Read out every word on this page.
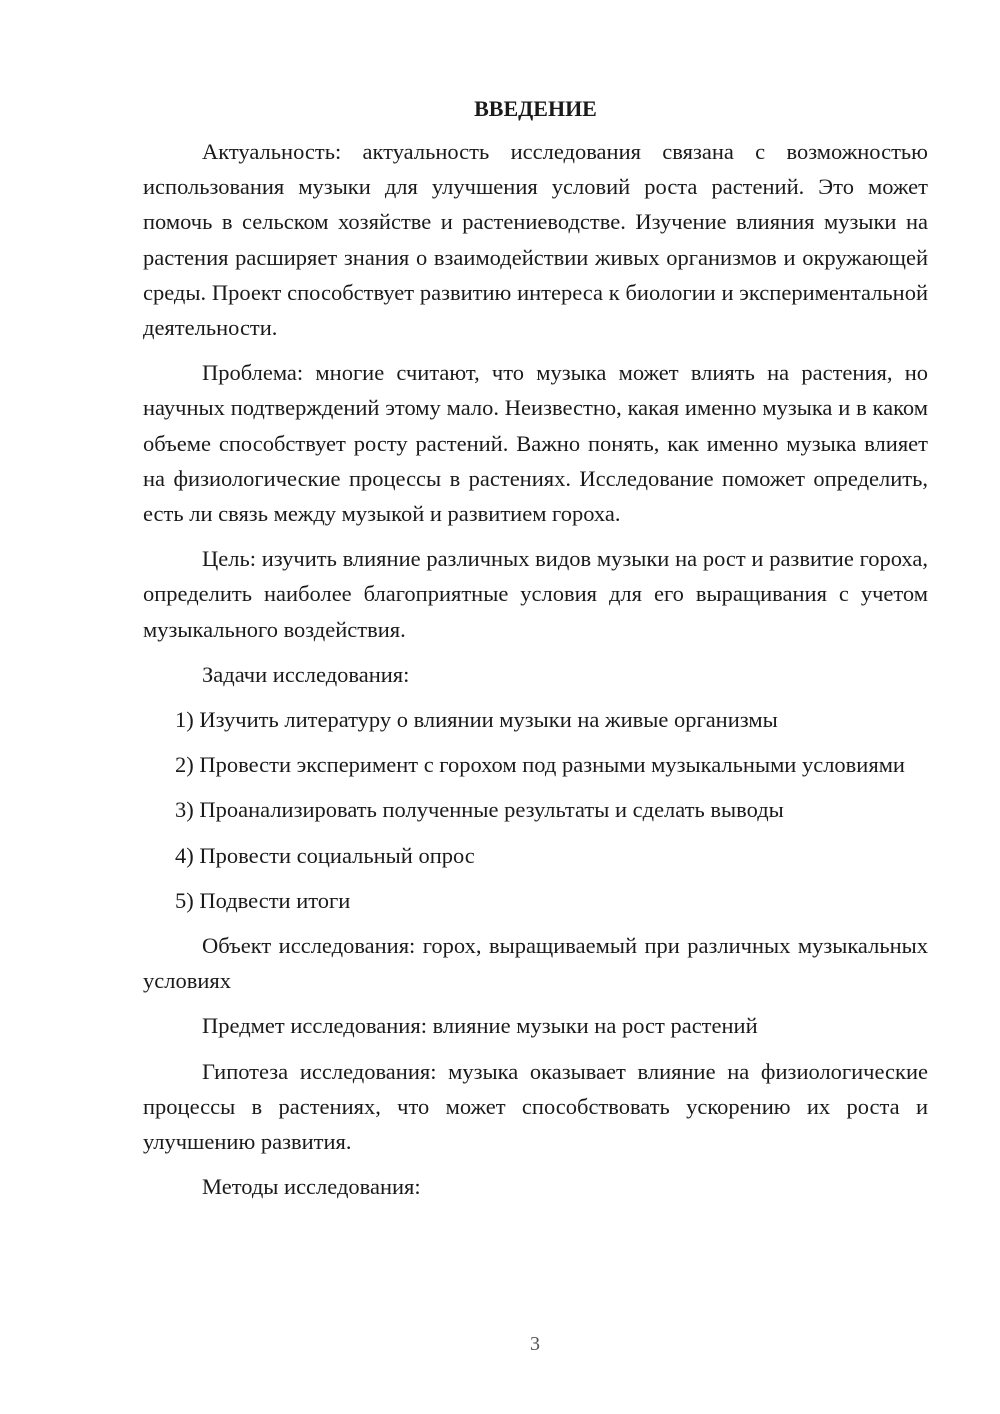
ВВЕДЕНИЕ

Актуальность: актуальность исследования связана с возможностью использования музыки для улучшения условий роста растений. Это может помочь в сельском хозяйстве и растениеводстве. Изучение влияния музыки на растения расширяет знания о взаимодействии живых организмов и окружающей среды. Проект способствует развитию интереса к биологии и экспериментальной деятельности.

Проблема: многие считают, что музыка может влиять на растения, но научных подтверждений этому мало. Неизвестно, какая именно музыка и в каком объеме способствует росту растений. Важно понять, как именно музыка влияет на физиологические процессы в растениях. Исследование поможет определить, есть ли связь между музыкой и развитием гороха.

Цель: изучить влияние различных видов музыки на рост и развитие гороха, определить наиболее благоприятные условия для его выращивания с учетом музыкального воздействия.

Задачи исследования:

1) Изучить литературу о влиянии музыки на живые организмы

2) Провести эксперимент с горохом под разными музыкальными условиями

3) Проанализировать полученные результаты и сделать выводы

4) Провести социальный опрос

5) Подвести итоги

Объект исследования: горох, выращиваемый при различных музыкальных условиях

Предмет исследования: влияние музыки на рост растений

Гипотеза исследования: музыка оказывает влияние на физиологические процессы в растениях, что может способствовать ускорению их роста и улучшению развития.

Методы исследования:

3
